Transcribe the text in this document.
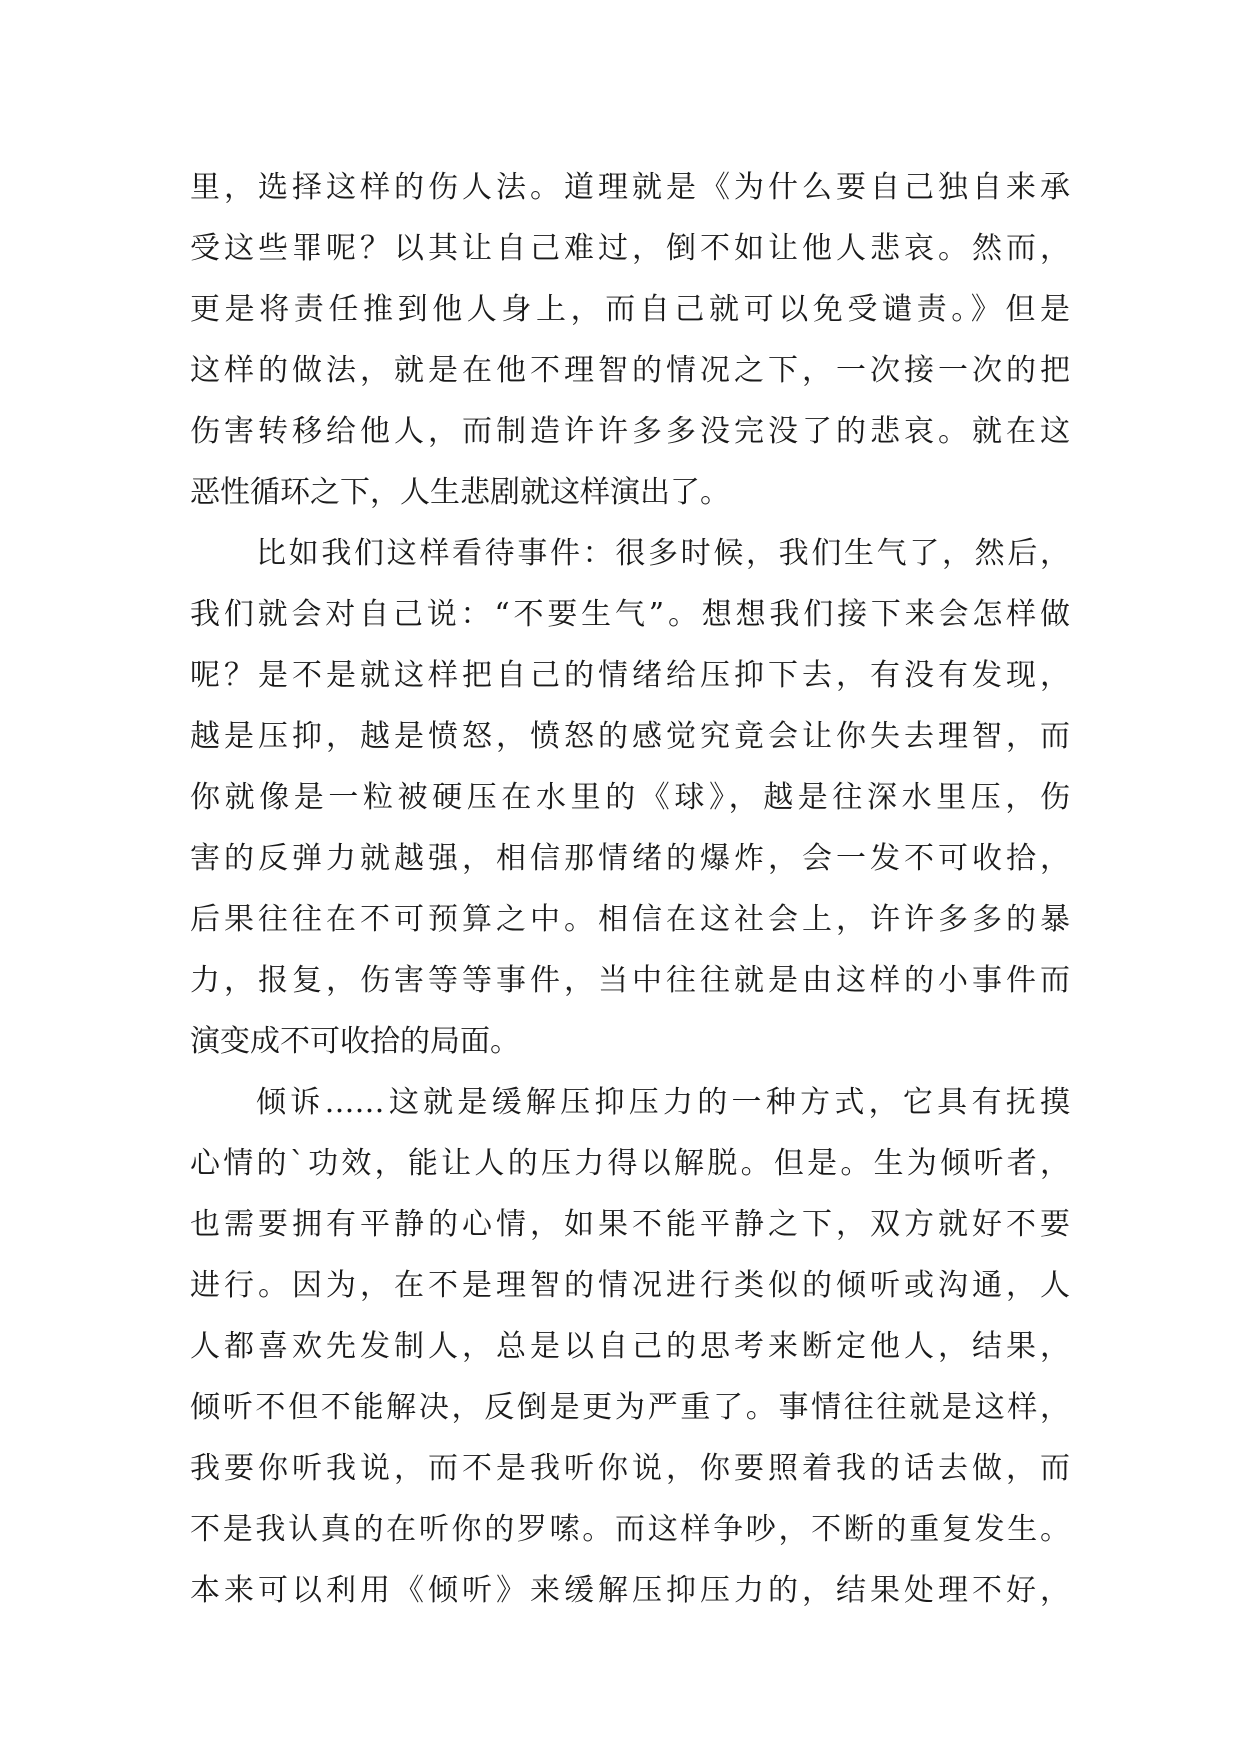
里，选择这样的伤人法。道理就是《为什么要自己独自来承
受这些罪呢？以其让自己难过，倒不如让他人悲哀。然而，
更是将责任推到他人身上，而自己就可以免受谴责。》但是
这样的做法，就是在他不理智的情况之下，一次接一次的把
伤害转移给他人，而制造许许多多没完没了的悲哀。就在这
恶性循环之下，人生悲剧就这样演出了。
比如我们这样看待事件：很多时候，我们生气了，然后，
我们就会对自己说：“不要生气”。想想我们接下来会怎样做
呢？是不是就这样把自己的情绪给压抑下去，有没有发现，
越是压抑，越是愤怒，愤怒的感觉究竟会让你失去理智，而
你就像是一粒被硬压在水里的《球》，越是往深水里压，伤
害的反弹力就越强，相信那情绪的爆炸，会一发不可收拾，
后果往往在不可预算之中。相信在这社会上，许许多多的暴
力，报复，伤害等等事件，当中往往就是由这样的小事件而
演变成不可收拾的局面。
倾诉……这就是缓解压抑压力的一种方式，它具有抚摸
心情的`功效，能让人的压力得以解脱。但是。生为倾听者，
也需要拥有平静的心情，如果不能平静之下，双方就好不要
进行。因为，在不是理智的情况进行类似的倾听或沟通，人
人都喜欢先发制人，总是以自己的思考来断定他人，结果，
倾听不但不能解决，反倒是更为严重了。事情往往就是这样，
我要你听我说，而不是我听你说，你要照着我的话去做，而
不是我认真的在听你的罗嗦。而这样争吵，不断的重复发生。
本来可以利用《倾听》来缓解压抑压力的，结果处理不好，
